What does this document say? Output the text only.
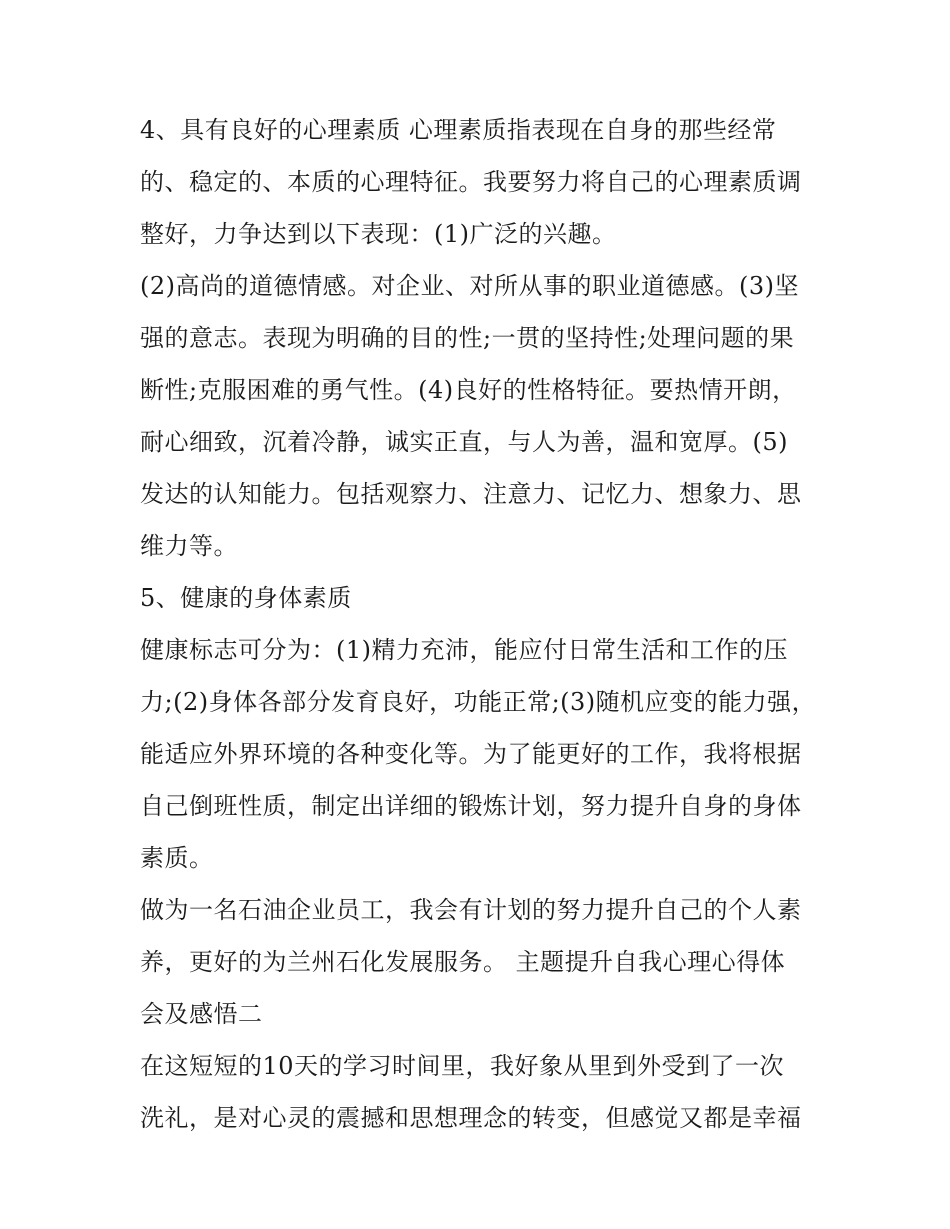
4、具有良好的心理素质 心理素质指表现在自身的那些经常
的、稳定的、本质的心理特征。我要努力将自己的心理素质调
整好，力争达到以下表现：(1)广泛的兴趣。
(2)高尚的道德情感。对企业、对所从事的职业道德感。(3)坚
强的意志。表现为明确的目的性;一贯的坚持性;处理问题的果
断性;克服困难的勇气性。(4)良好的性格特征。要热情开朗，
耐心细致，沉着冷静，诚实正直，与人为善，温和宽厚。(5)
发达的认知能力。包括观察力、注意力、记忆力、想象力、思
维力等。
5、健康的身体素质
健康标志可分为：(1)精力充沛，能应付日常生活和工作的压
力;(2)身体各部分发育良好，功能正常;(3)随机应变的能力强，
能适应外界环境的各种变化等。为了能更好的工作，我将根据
自己倒班性质，制定出详细的锻炼计划，努力提升自身的身体
素质。
做为一名石油企业员工，我会有计划的努力提升自己的个人素
养，更好的为兰州石化发展服务。 主题提升自我心理心得体
会及感悟二
在这短短的10天的学习时间里，我好象从里到外受到了一次
洗礼，是对心灵的震撼和思想理念的转变，但感觉又都是幸福
